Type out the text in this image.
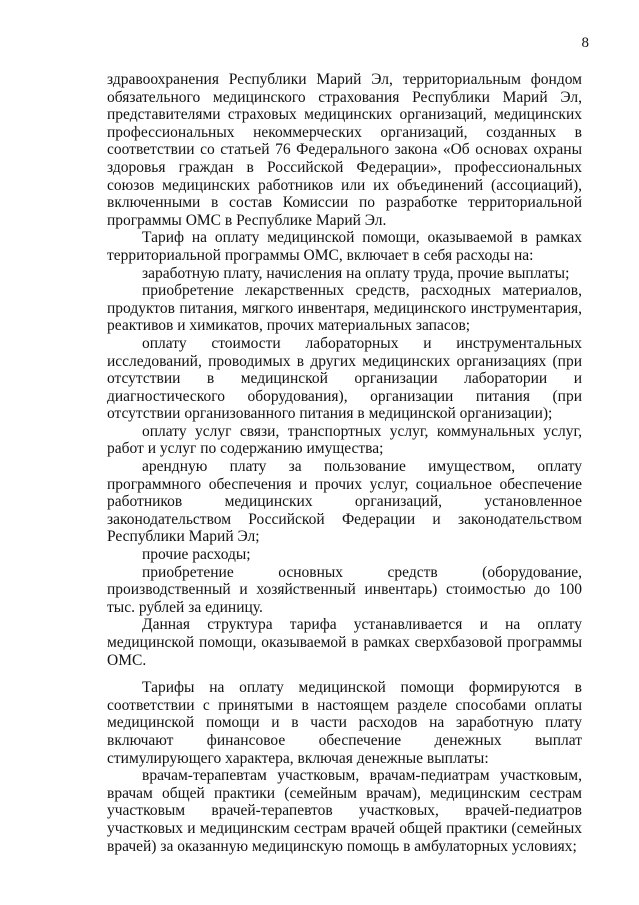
8

здравоохранения Республики Марий Эл, территориальным фондом обязательного медицинского страхования Республики Марий Эл, представителями страховых медицинских организаций, медицинских профессиональных некоммерческих организаций, созданных в соответствии со статьей 76 Федерального закона «Об основах охраны здоровья граждан в Российской Федерации», профессиональных союзов медицинских работников или их объединений (ассоциаций), включенными в состав Комиссии по разработке территориальной программы ОМС в Республике Марий Эл.

Тариф на оплату медицинской помощи, оказываемой в рамках территориальной программы ОМС, включает в себя расходы на:

заработную плату, начисления на оплату труда, прочие выплаты;

приобретение лекарственных средств, расходных материалов, продуктов питания, мягкого инвентаря, медицинского инструментария, реактивов и химикатов, прочих материальных запасов;

оплату стоимости лабораторных и инструментальных исследований, проводимых в других медицинских организациях (при отсутствии в медицинской организации лаборатории и диагностического оборудования), организации питания (при отсутствии организованного питания в медицинской организации);

оплату услуг связи, транспортных услуг, коммунальных услуг, работ и услуг по содержанию имущества;

арендную плату за пользование имуществом, оплату программного обеспечения и прочих услуг, социальное обеспечение работников медицинских организаций, установленное законодательством Российской Федерации и законодательством Республики Марий Эл;

прочие расходы;

приобретение основных средств (оборудование, производственный и хозяйственный инвентарь) стоимостью до 100 тыс. рублей за единицу.

Данная структура тарифа устанавливается и на оплату медицинской помощи, оказываемой в рамках сверхбазовой программы ОМС.

Тарифы на оплату медицинской помощи формируются в соответствии с принятыми в настоящем разделе способами оплаты медицинской помощи и в части расходов на заработную плату включают финансовое обеспечение денежных выплат стимулирующего характера, включая денежные выплаты:

врачам-терапевтам участковым, врачам-педиатрам участковым, врачам общей практики (семейным врачам), медицинским сестрам участковым врачей-терапевтов участковых, врачей-педиатров участковых и медицинским сестрам врачей общей практики (семейных врачей) за оказанную медицинскую помощь в амбулаторных условиях;
